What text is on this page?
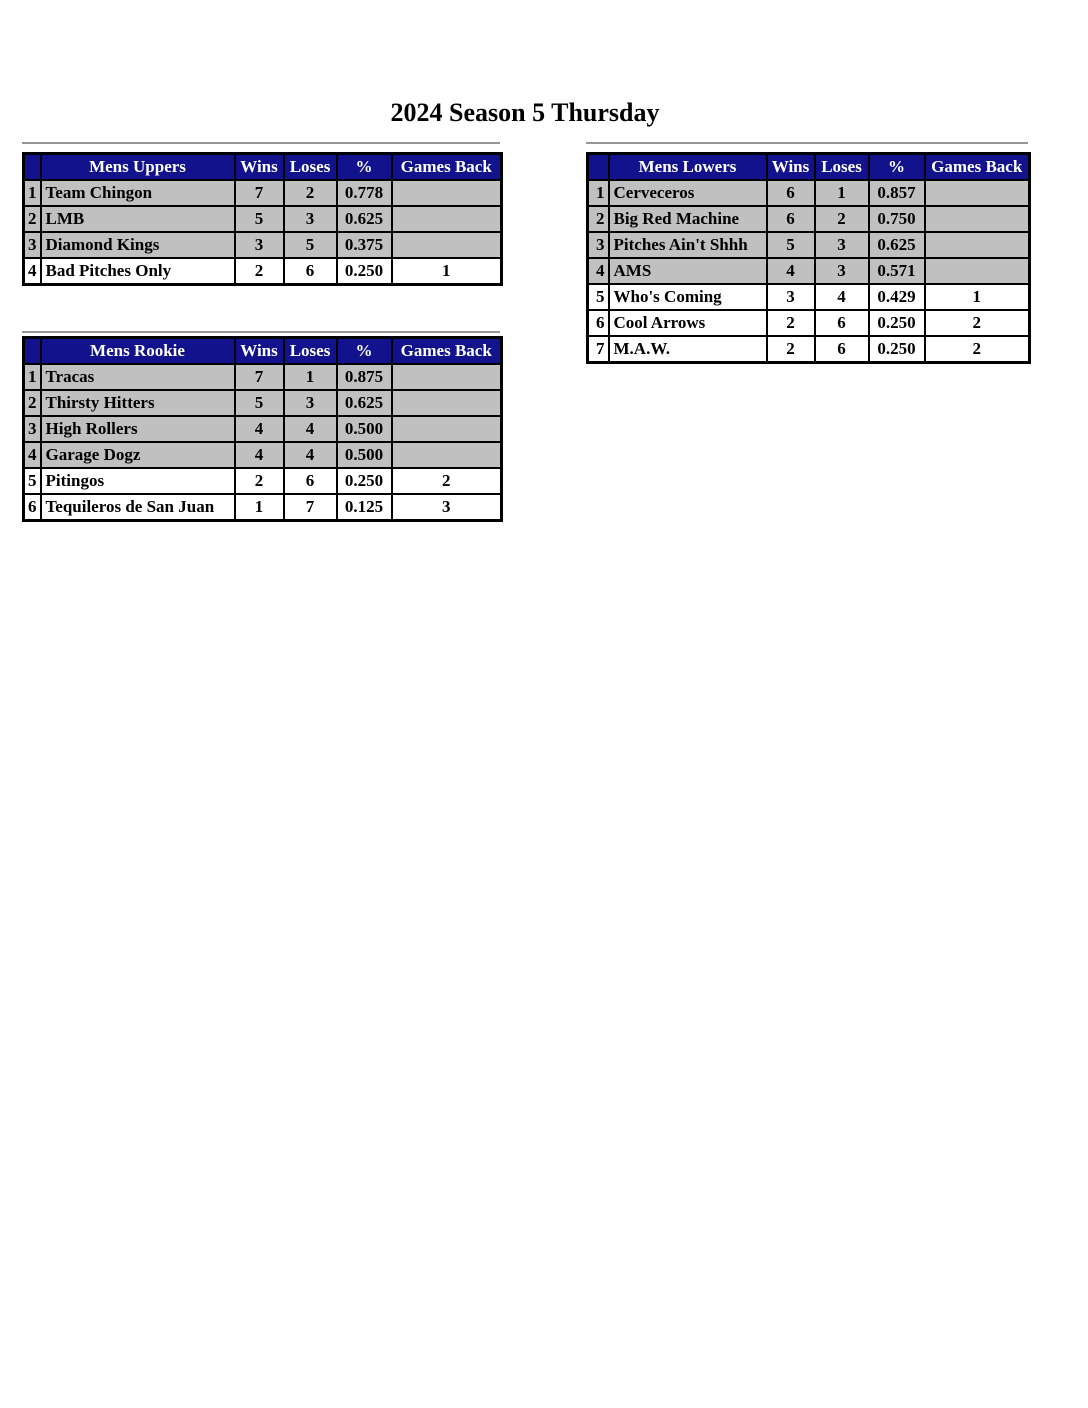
2024 Season 5 Thursday
	Mens Uppers	Wins	Loses	%	Games Back
1	Team Chingon	7	2	0.778	
2	LMB	5	3	0.625	
3	Diamond Kings	3	5	0.375	
4	Bad Pitches Only	2	6	0.250	1
	Mens Lowers	Wins	Loses	%	Games Back
1	Cerveceros	6	1	0.857	
2	Big Red Machine	6	2	0.750	
3	Pitches Ain't Shhh	5	3	0.625	
4	AMS	4	3	0.571	
5	Who's Coming	3	4	0.429	1
6	Cool Arrows	2	6	0.250	2
7	M.A.W.	2	6	0.250	2
	Mens Rookie	Wins	Loses	%	Games Back
1	Tracas	7	1	0.875	
2	Thirsty Hitters	5	3	0.625	
3	High Rollers	4	4	0.500	
4	Garage Dogz	4	4	0.500	
5	Pitingos	2	6	0.250	2
6	Tequileros de San Juan	1	7	0.125	3
